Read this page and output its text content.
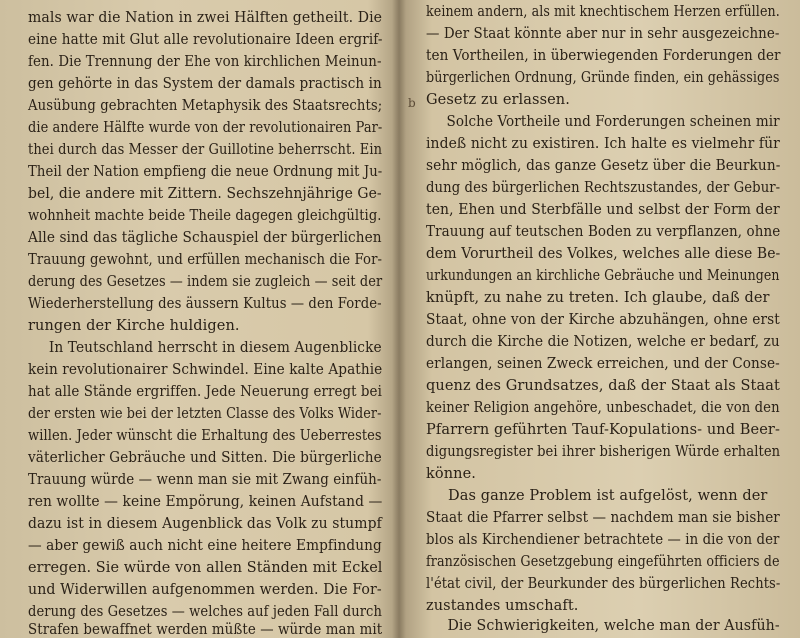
mals war die Nation in zwei Hälften getheilt. Die
eine hatte mit Glut alle revolutionaire Ideen ergrif-
fen. Die Trennung der Ehe von kirchlichen Meinun-
gen gehörte in das System der damals practisch in
Ausübung gebrachten Metaphysik des Staatsrechts;
die andere Hälfte wurde von der revolutionairen Par-
thei durch das Messer der Guillotine beherrscht. Ein
Theil der Nation empfieng die neue Ordnung mit Ju-
bel, die andere mit Zittern. Sechszehnjährige Ge-
wohnheit machte beide Theile dagegen gleichgültig.
Alle sind das tägliche Schauspiel der bürgerlichen
Trauung gewohnt, und erfüllen mechanisch die For-
derung des Gesetzes — indem sie zugleich — seit der
Wiederherstellung des äussern Kultus — den Forde-
rungen der Kirche huldigen.
In Teutschland herrscht in diesem Augenblicke
kein revolutionairer Schwindel. Eine kalte Apathie
hat alle Stände ergriffen. Jede Neuerung erregt bei
der ersten wie bei der letzten Classe des Volks Wider-
willen. Jeder wünscht die Erhaltung des Ueberrestes
väterlicher Gebräuche und Sitten. Die bürgerliche
Trauung würde — wenn man sie mit Zwang einfüh-
ren wollte — keine Empörung, keinen Aufstand —
dazu ist in diesem Augenblick das Volk zu stumpf
— aber gewiß auch nicht eine heitere Empfindung
erregen. Sie würde von allen Ständen mit Eckel
und Widerwillen aufgenommen werden. Die For-
derung des Gesetzes — welches auf jeden Fall durch
Strafen bewaffnet werden müßte — würde man mit
b
keinem andern, als mit knechtischem Herzen erfüllen.
— Der Staat könnte aber nur in sehr ausgezeichne-
ten Vortheilen, in überwiegenden Forderungen der
bürgerlichen Ordnung, Gründe finden, ein gehässiges
Gesetz zu erlassen.
Solche Vortheile und Forderungen scheinen mir
indeß nicht zu existiren. Ich halte es vielmehr für
sehr möglich, das ganze Gesetz über die Beurkun-
dung des bürgerlichen Rechtszustandes, der Gebur-
ten, Ehen und Sterbfälle und selbst der Form der
Trauung auf teutschen Boden zu verpflanzen, ohne
dem Vorurtheil des Volkes, welches alle diese Be-
urkundungen an kirchliche Gebräuche und Meinungen
knüpft, zu nahe zu treten. Ich glaube, daß der
Staat, ohne von der Kirche abzuhängen, ohne erst
durch die Kirche die Notizen, welche er bedarf, zu
erlangen, seinen Zweck erreichen, und der Conse-
quenz des Grundsatzes, daß der Staat als Staat
keiner Religion angehöre, unbeschadet, die von den
Pfarrern geführten Tauf-Kopulations- und Beer-
digungsregister bei ihrer bisherigen Würde erhalten
könne.
Das ganze Problem ist aufgelöst, wenn der
Staat die Pfarrer selbst — nachdem man sie bisher
blos als Kirchendiener betrachtete — in die von der
französischen Gesetzgebung eingeführten officiers de
l'état civil, der Beurkunder des bürgerlichen Rechts-
zustandes umschaft.
Die Schwierigkeiten, welche man der Ausfüh-
